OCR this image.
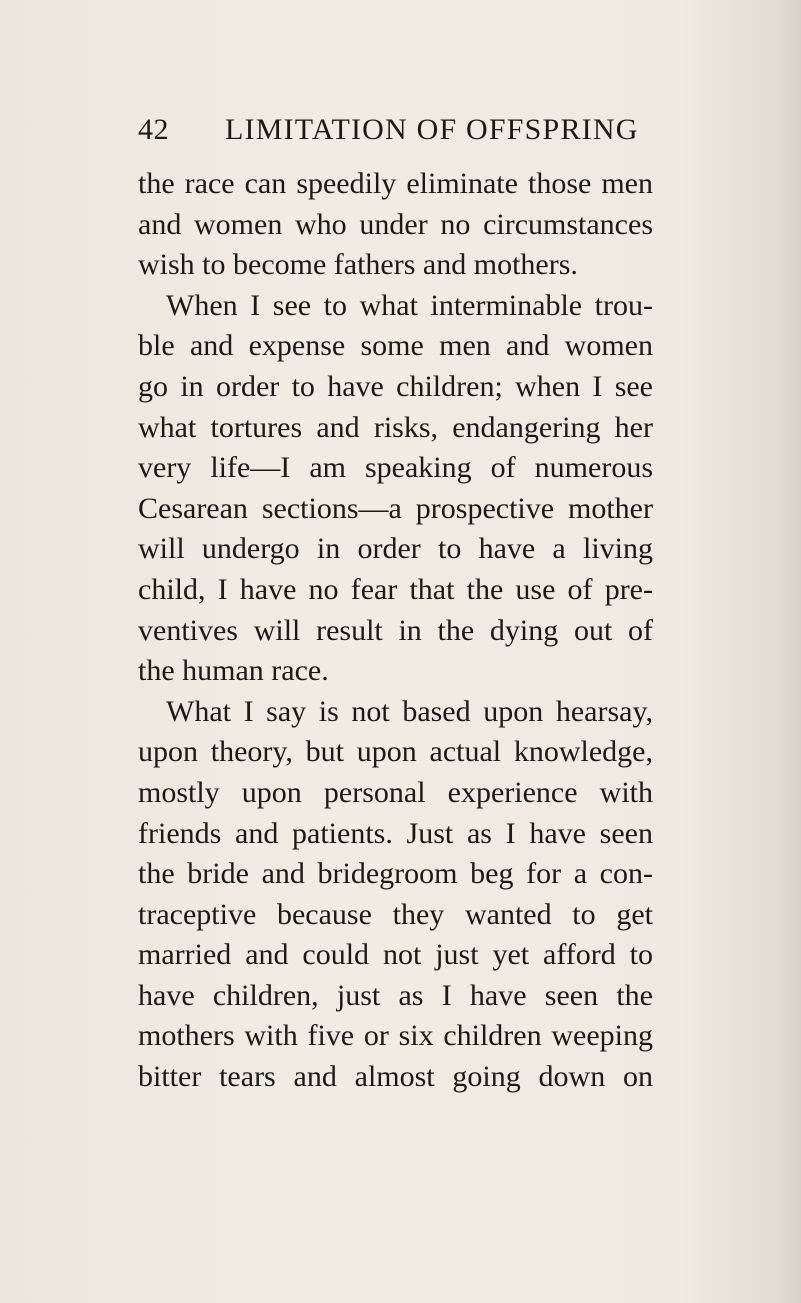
42 LIMITATION OF OFFSPRING
the race can speedily eliminate those men
and women who under no circumstances
wish to become fathers and mothers.
When I see to what interminable trou-
ble and expense some men and women
go in order to have children; when I see
what tortures and risks, endangering her
very life—I am speaking of numerous
Cesarean sections—a prospective mother
will undergo in order to have a living
child, I have no fear that the use of pre-
ventives will result in the dying out of
the human race.
What I say is not based upon hearsay,
upon theory, but upon actual knowledge,
mostly upon personal experience with
friends and patients. Just as I have seen
the bride and bridegroom beg for a con-
traceptive because they wanted to get
married and could not just yet afford to
have children, just as I have seen the
mothers with five or six children weeping
bitter tears and almost going down on
